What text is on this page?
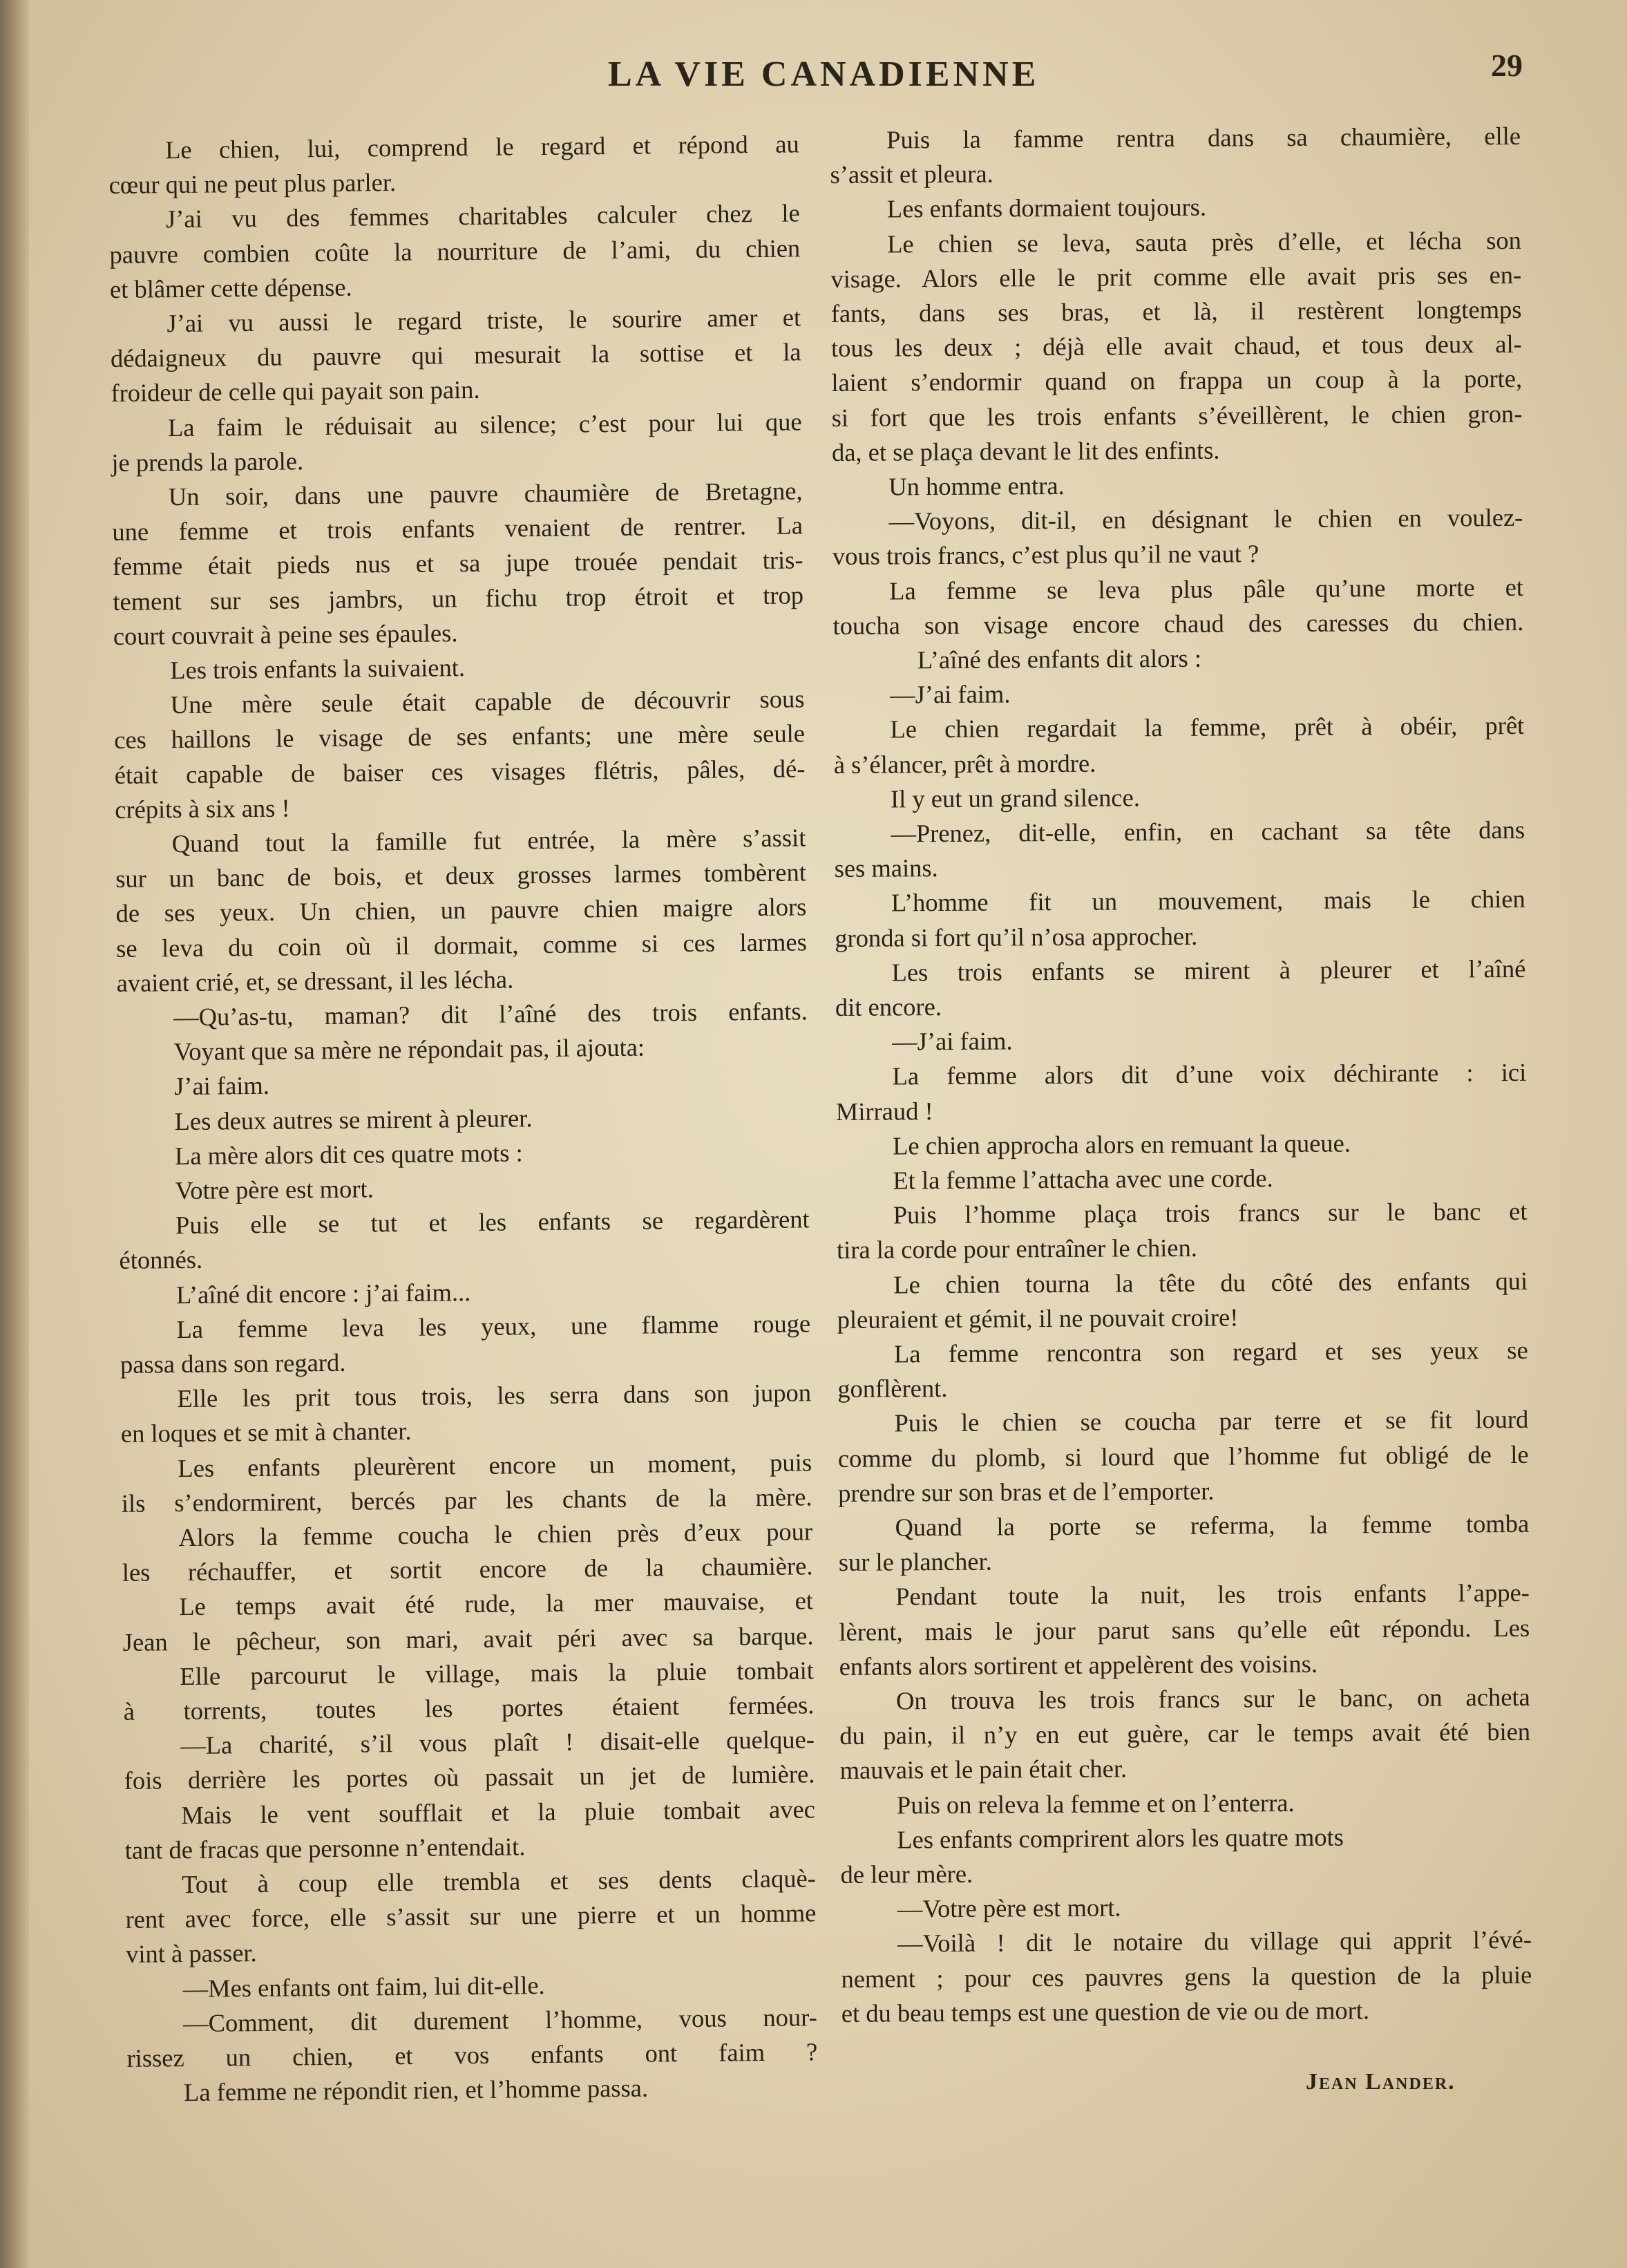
LA VIE CANADIENNE	29

Le chien, lui, comprend le regard et répond au

cœur qui ne peut plus parler.

J’ai vu des femmes charitables calculer chez le

pauvre combien coûte la nourriture de l’ami, du chien

et blâmer cette dépense.

J’ai vu aussi le regard triste, le sourire amer et

dédaigneux du pauvre qui mesurait la sottise et la

froideur de celle qui payait son pain.

La faim le réduisait au silence; c’est pour lui que

je prends la parole.

Un soir, dans une pauvre chaumière de Bretagne,

une femme et trois enfants venaient de rentrer. La

femme était pieds nus et sa jupe trouée pendait tris-

tement sur ses jambrs, un fichu trop étroit et trop

court couvrait à peine ses épaules.

Les trois enfants la suivaient.

Une mère seule était capable de découvrir sous

ces haillons le visage de ses enfants; une mère seule

était capable de baiser ces visages flétris, pâles, dé-

crépits à six ans !

Quand tout la famille fut entrée, la mère s’assit

sur un banc de bois, et deux grosses larmes tombèrent

de ses yeux. Un chien, un pauvre chien maigre alors

se leva du coin où il dormait, comme si ces larmes

avaient crié, et, se dressant, il les lécha.

—Qu’as-tu, maman? dit l’aîné des trois enfants.

Voyant que sa mère ne répondait pas, il ajouta:

J’ai faim.

Les deux autres se mirent à pleurer.

La mère alors dit ces quatre mots :

Votre père est mort.

Puis elle se tut et les enfants se regardèrent

étonnés.

L’aîné dit encore : j’ai faim...

La femme leva les yeux, une flamme rouge

passa dans son regard.

Elle les prit tous trois, les serra dans son jupon

en loques et se mit à chanter.

Les enfants pleurèrent encore un moment, puis

ils s’endormirent, bercés par les chants de la mère.

Alors la femme coucha le chien près d’eux pour

les réchauffer, et sortit encore de la chaumière.

Le temps avait été rude, la mer mauvaise, et

Jean le pêcheur, son mari, avait péri avec sa barque.

Elle parcourut le village, mais la pluie tombait

à torrents, toutes les portes étaient fermées.

—La charité, s’il vous plaît ! disait-elle quelque-

fois derrière les portes où passait un jet de lumière.

Mais le vent soufflait et la pluie tombait avec

tant de fracas que personne n’entendait.

Tout à coup elle trembla et ses dents claquè-

rent avec force, elle s’assit sur une pierre et un homme

vint à passer.

—Mes enfants ont faim, lui dit-elle.

—Comment, dit durement l’homme, vous nour-

rissez un chien, et vos enfants ont faim ?

La femme ne répondit rien, et l’homme passa.

Puis la famme rentra dans sa chaumière, elle

s’assit et pleura.

Les enfants dormaient toujours.

Le chien se leva, sauta près d’elle, et lécha son

visage. Alors elle le prit comme elle avait pris ses en-

fants, dans ses bras, et là, il restèrent longtemps

tous les deux ; déjà elle avait chaud, et tous deux al-

laient s’endormir quand on frappa un coup à la porte,

si fort que les trois enfants s’éveillèrent, le chien gron-

da, et se plaça devant le lit des enfints.

Un homme entra.

—Voyons, dit-il, en désignant le chien en voulez-

vous trois francs, c’est plus qu’il ne vaut ?

La femme se leva plus pâle qu’une morte et

toucha son visage encore chaud des caresses du chien.

L’aîné des enfants dit alors :

—J’ai faim.

Le chien regardait la femme, prêt à obéir, prêt

à s’élancer, prêt à mordre.

Il y eut un grand silence.

—Prenez, dit-elle, enfin, en cachant sa tête dans

ses mains.

L’homme fit un mouvement, mais le chien

gronda si fort qu’il n’osa approcher.

Les trois enfants se mirent à pleurer et l’aîné

dit encore.

—J’ai faim.

La femme alors dit d’une voix déchirante : ici

Mirraud !

Le chien approcha alors en remuant la queue.

Et la femme l’attacha avec une corde.

Puis l’homme plaça trois francs sur le banc et

tira la corde pour entraîner le chien.

Le chien tourna la tête du côté des enfants qui

pleuraient et gémit, il ne pouvait croire!

La femme rencontra son regard et ses yeux se

gonflèrent.

Puis le chien se coucha par terre et se fit lourd

comme du plomb, si lourd que l’homme fut obligé de le

prendre sur son bras et de l’emporter.

Quand la porte se referma, la femme tomba

sur le plancher.

Pendant toute la nuit, les trois enfants l’appe-

lèrent, mais le jour parut sans qu’elle eût répondu. Les

enfants alors sortirent et appelèrent des voisins.

On trouva les trois francs sur le banc, on acheta

du pain, il n’y en eut guère, car le temps avait été bien

mauvais et le pain était cher.

Puis on releva la femme et on l’enterra.

Les enfants comprirent alors les quatre mots

de leur mère.

—Votre père est mort.

—Voilà ! dit le notaire du village qui apprit l’évé-

nement ; pour ces pauvres gens la question de la pluie

et du beau temps est une question de vie ou de mort.

Jean Lander.
